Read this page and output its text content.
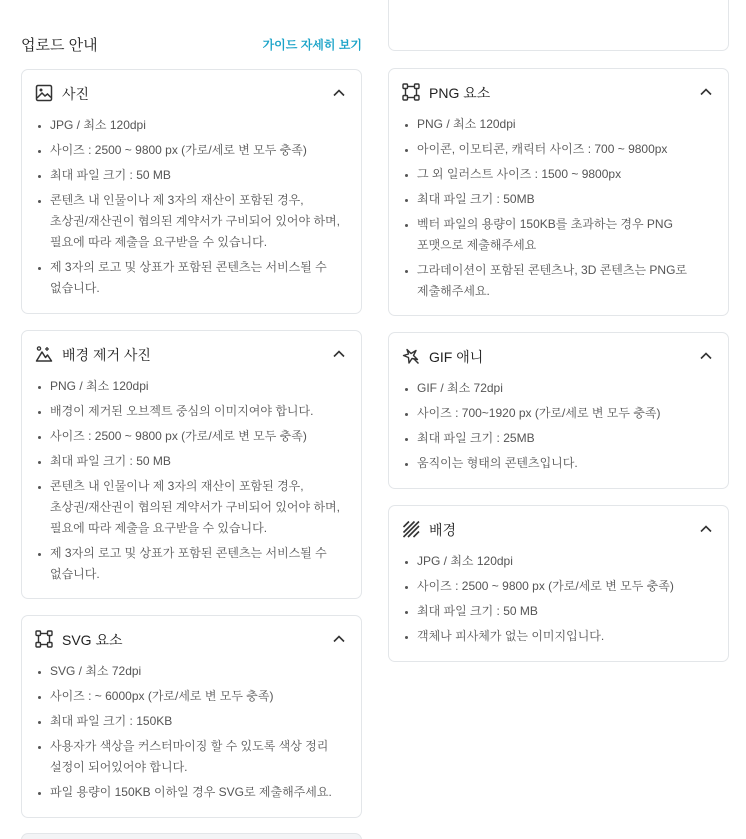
업로드 안내	가이드 자세히 보기
사진
JPG / 최소 120dpi
사이즈 : 2500 ~ 9800 px (가로/세로 변 모두 충족)
최대 파일 크기 : 50 MB
콘텐츠 내 인물이나 제 3자의 재산이 포함된 경우, 초상권/재산권이 협의된 계약서가 구비되어 있어야 하며, 필요에 따라 제출을 요구받을 수 있습니다.
제 3자의 로고 및 상표가 포함된 콘텐츠는 서비스될 수 없습니다.
배경 제거 사진
PNG / 최소 120dpi
배경이 제거된 오브젝트 중심의 이미지여야 합니다.
사이즈 : 2500 ~ 9800 px (가로/세로 변 모두 충족)
최대 파일 크기 : 50 MB
콘텐츠 내 인물이나 제 3자의 재산이 포함된 경우, 초상권/재산권이 협의된 계약서가 구비되어 있어야 하며, 필요에 따라 제출을 요구받을 수 있습니다.
제 3자의 로고 및 상표가 포함된 콘텐츠는 서비스될 수 없습니다.
SVG 요소
SVG / 최소 72dpi
사이즈 : ~ 6000px (가로/세로 변 모두 충족)
최대 파일 크기 : 150KB
사용자가 색상을 커스터마이징 할 수 있도록 색상 정리 설정이 되어있어야 합니다.
파일 용량이 150KB 이하일 경우 SVG로 제출해주세요.
PNG 요소
PNG / 최소 120dpi
아이콘, 이모티콘, 캐릭터 사이즈 : 700 ~ 9800px
그 외 일러스트 사이즈 : 1500 ~ 9800px
최대 파일 크기 : 50MB
벡터 파일의 용량이 150KB를 초과하는 경우 PNG 포맷으로 제출해주세요
그라데이션이 포함된 콘텐츠나, 3D 콘텐츠는 PNG로 제출해주세요.
GIF 애니
GIF / 최소 72dpi
사이즈 : 700~1920 px (가로/세로 변 모두 충족)
최대 파일 크기 : 25MB
움직이는 형태의 콘텐츠입니다.
배경
JPG / 최소 120dpi
사이즈 : 2500 ~ 9800 px (가로/세로 변 모두 충족)
최대 파일 크기 : 50 MB
객체나 피사체가 없는 이미지입니다.
